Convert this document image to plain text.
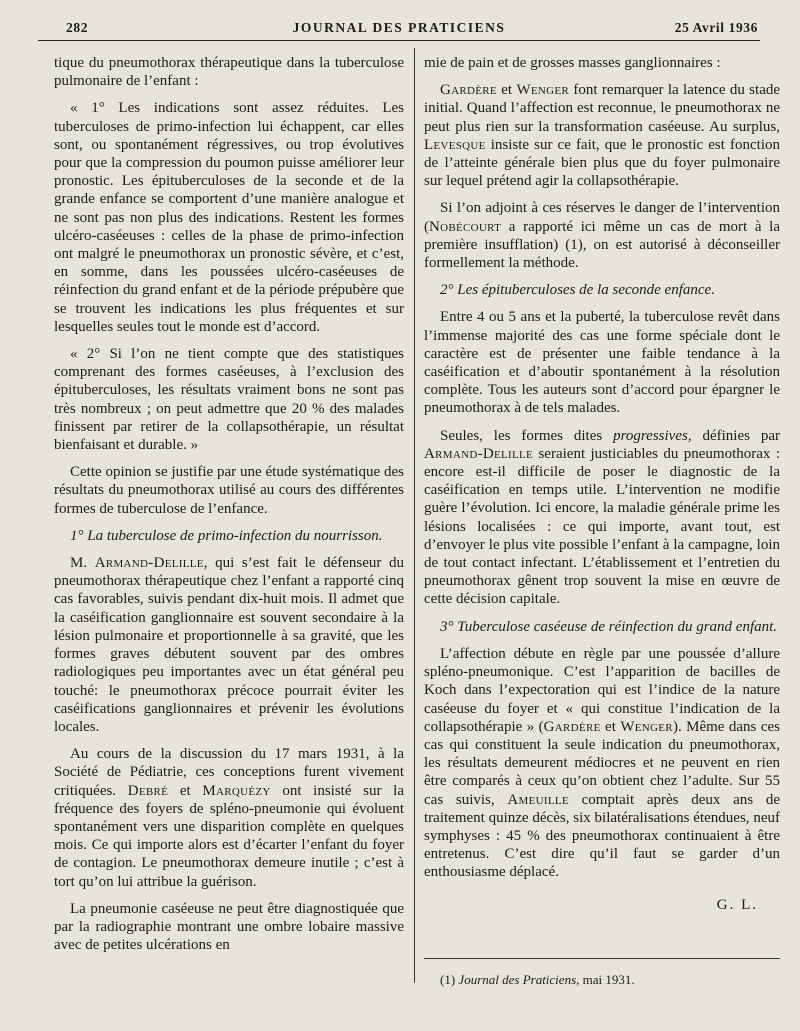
282	JOURNAL DES PRATICIENS	25 Avril 1936

tique du pneumothorax thérapeutique dans la tuberculose pulmonaire de l’enfant :

« 1° Les indications sont assez réduites. Les tuberculoses de primo-infection lui échappent, car elles sont, ou spontanément régressives, ou trop évolutives pour que la compression du poumon puisse améliorer leur pronostic. Les épituberculoses de la seconde et de la grande enfance se comportent d’une manière analogue et ne sont pas non plus des indications. Restent les formes ulcéro-caséeuses : celles de la phase de primo-infection ont malgré le pneumothorax un pronostic sévère, et c’est, en somme, dans les poussées ulcéro-caséeuses de réinfection du grand enfant et de la période prépubère que se trouvent les indications les plus fréquentes et sur lesquelles seules tout le monde est d’accord.

« 2° Si l’on ne tient compte que des statistiques comprenant des formes caséeuses, à l’exclusion des épituberculoses, les résultats vraiment bons ne sont pas très nombreux ; on peut admettre que 20 % des malades finissent par retirer de la collapsothérapie, un résultat bienfaisant et durable. »

Cette opinion se justifie par une étude systématique des résultats du pneumothorax utilisé au cours des différentes formes de tuberculose de l’enfance.

1° La tuberculose de primo-infection du nourrisson.

M. Armand-Delille, qui s’est fait le défenseur du pneumothorax thérapeutique chez l’enfant a rapporté cinq cas favorables, suivis pendant dix-huit mois. Il admet que la caséification ganglionnaire est souvent secondaire à la lésion pulmonaire et proportionnelle à sa gravité, que les formes graves débutent souvent par des ombres radiologiques peu importantes avec un état général peu touché: le pneumothorax précoce pourrait éviter les caséifications ganglionnaires et prévenir les évolutions locales.

Au cours de la discussion du 17 mars 1931, à la Société de Pédiatrie, ces conceptions furent vivement critiquées. Debré et Marquézy ont insisté sur la fréquence des foyers de spléno-pneumonie qui évoluent spontanément vers une disparition complète en quelques mois. Ce qui importe alors est d’écarter l’enfant du foyer de contagion. Le pneumothorax demeure inutile ; c’est à tort qu’on lui attribue la guérison.

La pneumonie caséeuse ne peut être diagnostiquée que par la radiographie montrant une ombre lobaire massive avec de petites ulcérations en

mie de pain et de grosses masses ganglionnaires :

Gardère et Wenger font remarquer la latence du stade initial. Quand l’affection est reconnue, le pneumothorax ne peut plus rien sur la transformation caséeuse. Au surplus, Levesque insiste sur ce fait, que le pronostic est fonction de l’atteinte générale bien plus que du foyer pulmonaire sur lequel prétend agir la collapsothérapie.

Si l’on adjoint à ces réserves le danger de l’intervention (Nobécourt a rapporté ici même un cas de mort à la première insufflation) (1), on est autorisé à déconseiller formellement la méthode.

2° Les épituberculoses de la seconde enfance.

Entre 4 ou 5 ans et la puberté, la tuberculose revêt dans l’immense majorité des cas une forme spéciale dont le caractère est de présenter une faible tendance à la caséification et d’aboutir spontanément à la résolution complète. Tous les auteurs sont d’accord pour épargner le pneumothorax à de tels malades.

Seules, les formes dites progressives, définies par Armand-Delille seraient justiciables du pneumothorax : encore est-il difficile de poser le diagnostic de la caséification en temps utile. L’intervention ne modifie guère l’évolution. Ici encore, la maladie générale prime les lésions localisées : ce qui importe, avant tout, est d’envoyer le plus vite possible l’enfant à la campagne, loin de tout contact infectant. L’établissement et l’entretien du pneumothorax gênent trop souvent la mise en œuvre de cette décision capitale.

3° Tuberculose caséeuse de réinfection du grand enfant.

L’affection débute en règle par une poussée d’allure spléno-pneumonique. C’est l’apparition de bacilles de Koch dans l’expectoration qui est l’indice de la nature caséeuse du foyer et « qui constitue l’indication de la collapsothérapie » (Gardère et Wenger). Même dans ces cas qui constituent la seule indication du pneumothorax, les résultats demeurent médiocres et ne peuvent en rien être comparés à ceux qu’on obtient chez l’adulte. Sur 55 cas suivis, Ameuille comptait après deux ans de traitement quinze décès, six bilatéralisations étendues, neuf symphyses : 45 % des pneumothorax continuaient à être entretenus. C’est dire qu’il faut se garder d’un enthousiasme déplacé.

G. L.

(1) Journal des Praticiens, mai 1931.
